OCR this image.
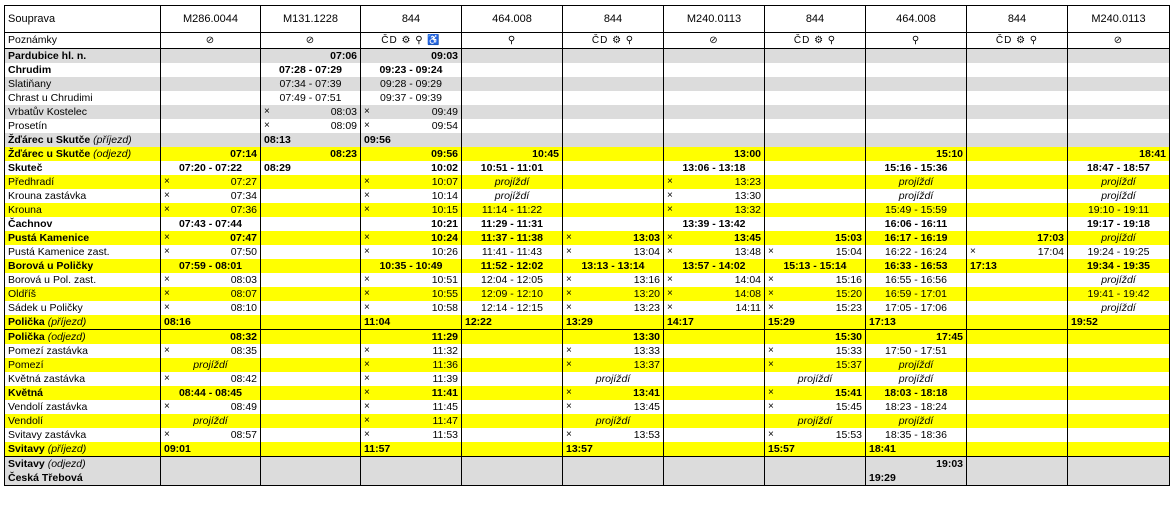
Souprava	M286.0044	M131.1228	844	464.008	844	M240.0113	844	464.008	844	M240.0113
Poznámky	⊘	⊘	ČD ⚙ ⚲ ♿	⚲	ČD ⚙ ⚲	⊘	ČD ⚙ ⚲	⚲	ČD ⚙ ⚲	⊘
Pardubice hl. n.		07:06	09:03							

Chrudim		07:28 - 07:29	09:23 - 09:24							

Slatiňany		07:34 - 07:39	09:28 - 09:29							

Chrast u Chrudimi		07:49 - 07:51	09:37 - 09:39							

Vrbatův Kostelec		× 08:03	× 09:49							

Prosetín		× 08:09	× 09:54							

Žďárec u Skutče (příjezd)		08:13	09:56							

Žďárec u Skutče (odjezd)	07:14	08:23	09:56	10:45		13:00		15:10		18:41

Skuteč	07:20 - 07:22	08:29	10:02	10:51 - 11:01		13:06 - 13:18		15:16 - 15:36		18:47 - 18:57

Předhradí	× 07:27		× 10:07	projíždí		× 13:23		projíždí		projíždí

Krouna zastávka	× 07:34		× 10:14	projíždí		× 13:30		projíždí		projíždí

Krouna	× 07:36		× 10:15	11:14 - 11:22		× 13:32		15:49 - 15:59		19:10 - 19:11

Čachnov	07:43 - 07:44		10:21	11:29 - 11:31		13:39 - 13:42		16:06 - 16:11		19:17 - 19:18

Pustá Kamenice	× 07:47		× 10:24	11:37 - 11:38	× 13:03	× 13:45	15:03	16:17 - 16:19	17:03	projíždí

Pustá Kamenice zast.	× 07:50		× 10:26	11:41 - 11:43	× 13:04	× 13:48	× 15:04	16:22 - 16:24	× 17:04	19:24 - 19:25

Borová u Poličky	07:59 - 08:01		10:35 - 10:49	11:52 - 12:02	13:13 - 13:14	13:57 - 14:02	15:13 - 15:14	16:33 - 16:53	17:13	19:34 - 19:35

Borová u Pol. zast.	× 08:03		× 10:51	12:04 - 12:05	× 13:16	× 14:04	× 15:16	16:55 - 16:56		projíždí

Oldříš	× 08:07		× 10:55	12:09 - 12:10	× 13:20	× 14:08	× 15:20	16:59 - 17:01		19:41 - 19:42

Sádek u Poličky	× 08:10		× 10:58	12:14 - 12:15	× 13:23	× 14:11	× 15:23	17:05 - 17:06		projíždí

Polička (příjezd)	08:16		11:04	12:22	13:29	14:17	15:29	17:13		19:52

Polička (odjezd)	08:32		11:29		13:30		15:30	17:45		

Pomezí zastávka	× 08:35		× 11:32		× 13:33		× 15:33	17:50 - 17:51		

Pomezí	projíždí		× 11:36		× 13:37		× 15:37	projíždí		

Květná zastávka	× 08:42		× 11:39		projíždí		projíždí	projíždí		

Květná	08:44 - 08:45		× 11:41		× 13:41		× 15:41	18:03 - 18:18		

Vendolí zastávka	× 08:49		× 11:45		× 13:45		× 15:45	18:23 - 18:24		

Vendolí	projíždí		× 11:47		projíždí		projíždí	projíždí		

Svitavy zastávka	× 08:57		× 11:53		× 13:53		× 15:53	18:35 - 18:36		

Svitavy (příjezd)	09:01		11:57		13:57		15:57	18:41		

Svitavy (odjezd)								19:03		

Česká Třebová								19:29		
